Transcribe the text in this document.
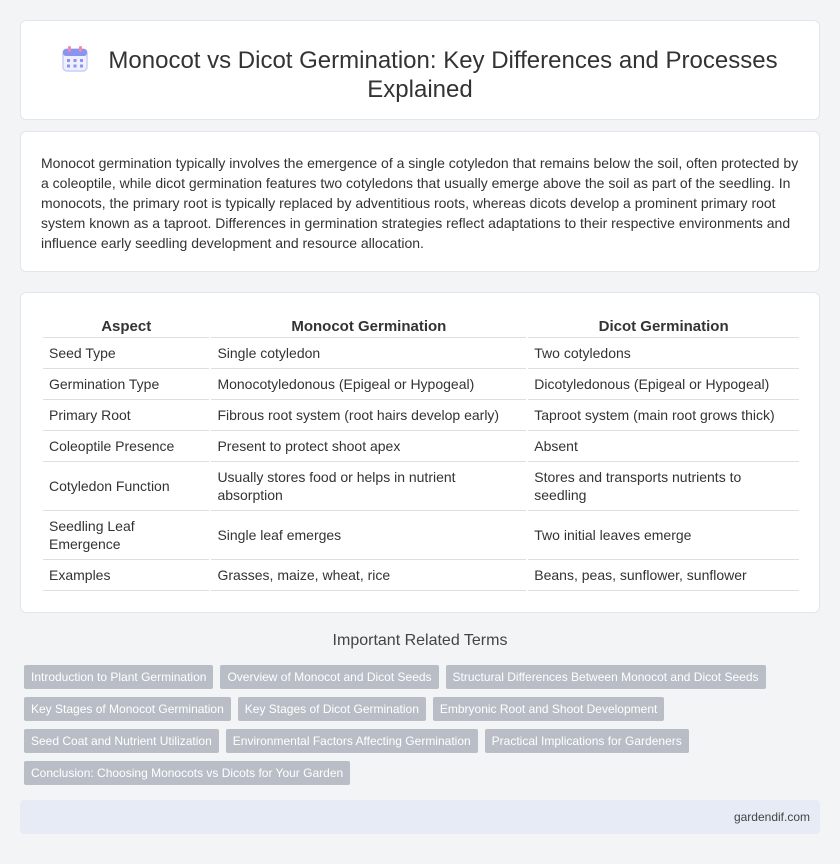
Monocot vs Dicot Germination: Key Differences and Processes Explained

Monocot germination typically involves the emergence of a single cotyledon that remains below the soil, often protected by a coleoptile, while dicot germination features two cotyledons that usually emerge above the soil as part of the seedling. In monocots, the primary root is typically replaced by adventitious roots, whereas dicots develop a prominent primary root system known as a taproot. Differences in germination strategies reflect adaptations to their respective environments and influence early seedling development and resource allocation.

Aspect	Monocot Germination	Dicot Germination
Seed Type	Single cotyledon	Two cotyledons
Germination Type	Monocotyledonous (Epigeal or Hypogeal)	Dicotyledonous (Epigeal or Hypogeal)
Primary Root	Fibrous root system (root hairs develop early)	Taproot system (main root grows thick)
Coleoptile Presence	Present to protect shoot apex	Absent
Cotyledon Function	Usually stores food or helps in nutrient absorption	Stores and transports nutrients to seedling
Seedling Leaf Emergence	Single leaf emerges	Two initial leaves emerge
Examples	Grasses, maize, wheat, rice	Beans, peas, sunflower, sunflower
Important Related Terms
Introduction to Plant Germination	Overview of Monocot and Dicot Seeds	Structural Differences Between Monocot and Dicot Seeds
Key Stages of Monocot Germination	Key Stages of Dicot Germination	Embryonic Root and Shoot Development
Seed Coat and Nutrient Utilization	Environmental Factors Affecting Germination	Practical Implications for Gardeners
Conclusion: Choosing Monocots vs Dicots for Your Garden
gardendif.com
